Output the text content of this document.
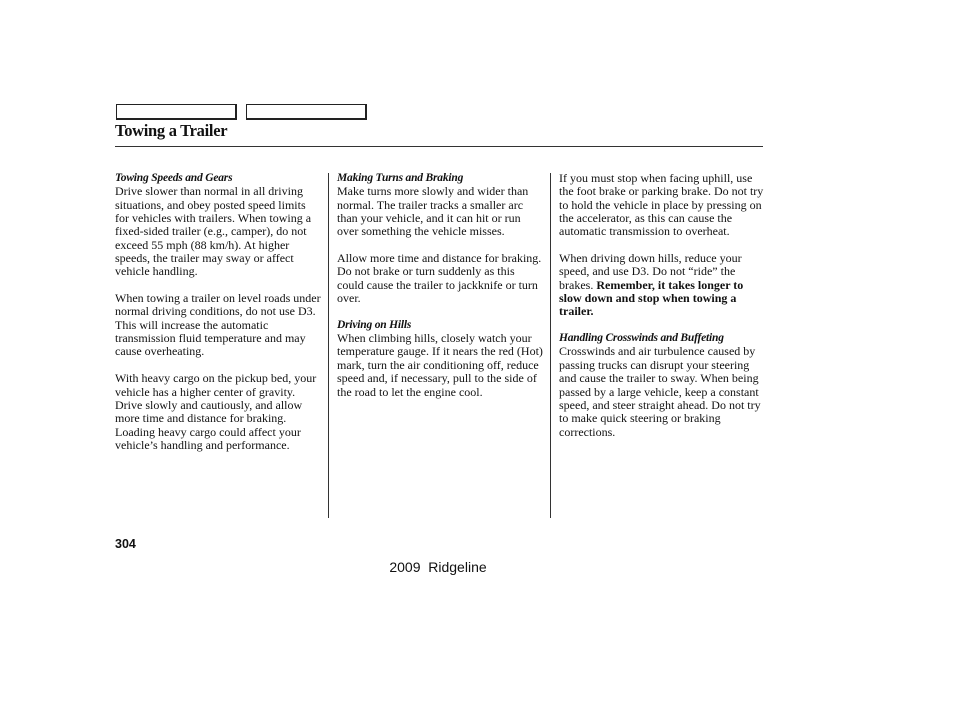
Towing a Trailer
Towing Speeds and Gears

Drive slower than normal in all driving situations, and obey posted speed limits for vehicles with trailers. When towing a fixed-sided trailer (e.g., camper), do not exceed 55 mph (88 km/h). At higher speeds, the trailer may sway or affect vehicle handling.

When towing a trailer on level roads under normal driving conditions, do not use D3. This will increase the automatic transmission fluid temperature and may cause overheating.

With heavy cargo on the pickup bed, your vehicle has a higher center of gravity. Drive slowly and cautiously, and allow more time and distance for braking. Loading heavy cargo could affect your vehicle’s handling and performance.

Making Turns and Braking

Make turns more slowly and wider than normal. The trailer tracks a smaller arc than your vehicle, and it can hit or run over something the vehicle misses.

Allow more time and distance for braking. Do not brake or turn suddenly as this could cause the trailer to jackknife or turn over.

Driving on Hills

When climbing hills, closely watch your temperature gauge. If it nears the red (Hot) mark, turn the air conditioning off, reduce speed and, if necessary, pull to the side of the road to let the engine cool.

If you must stop when facing uphill, use the foot brake or parking brake. Do not try to hold the vehicle in place by pressing on the accelerator, as this can cause the automatic transmission to overheat.

When driving down hills, reduce your speed, and use D3. Do not “ride” the brakes. Remember, it takes longer to slow down and stop when towing a trailer.

Handling Crosswinds and Buffeting

Crosswinds and air turbulence caused by passing trucks can disrupt your steering and cause the trailer to sway. When being passed by a large vehicle, keep a constant speed, and steer straight ahead. Do not try to make quick steering or braking corrections.

304
2009  Ridgeline
